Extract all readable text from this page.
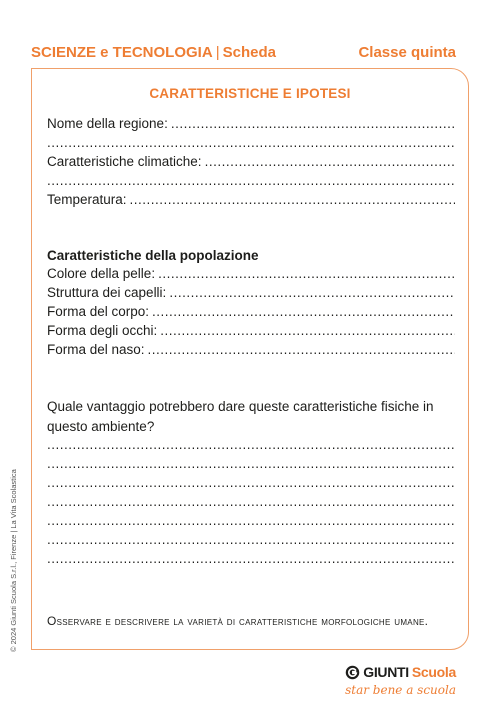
SCIENZE e TECNOLOGIA | Scheda	Classe quinta
CARATTERISTICHE E IPOTESI
Nome della regione:
.....
.....
Caratteristiche climatiche:
.....
.....
Temperatura:
.....
Caratteristiche della popolazione
Colore della pelle:
.....
Struttura dei capelli:
.....
Forma del corpo:
.....
Forma degli occhi:
.....
Forma del naso:
.....
Quale vantaggio potrebbero dare queste caratteristiche fisiche in questo ambiente?
.....
.....
.....
.....
.....
.....
.....
Osservare e descrivere la varietà di caratteristiche morfologiche umane.
© 2024 Giunti Scuola S.r.l., Firenze | La Vita Scolastica
GIUNTI Scuola
star bene a scuola
